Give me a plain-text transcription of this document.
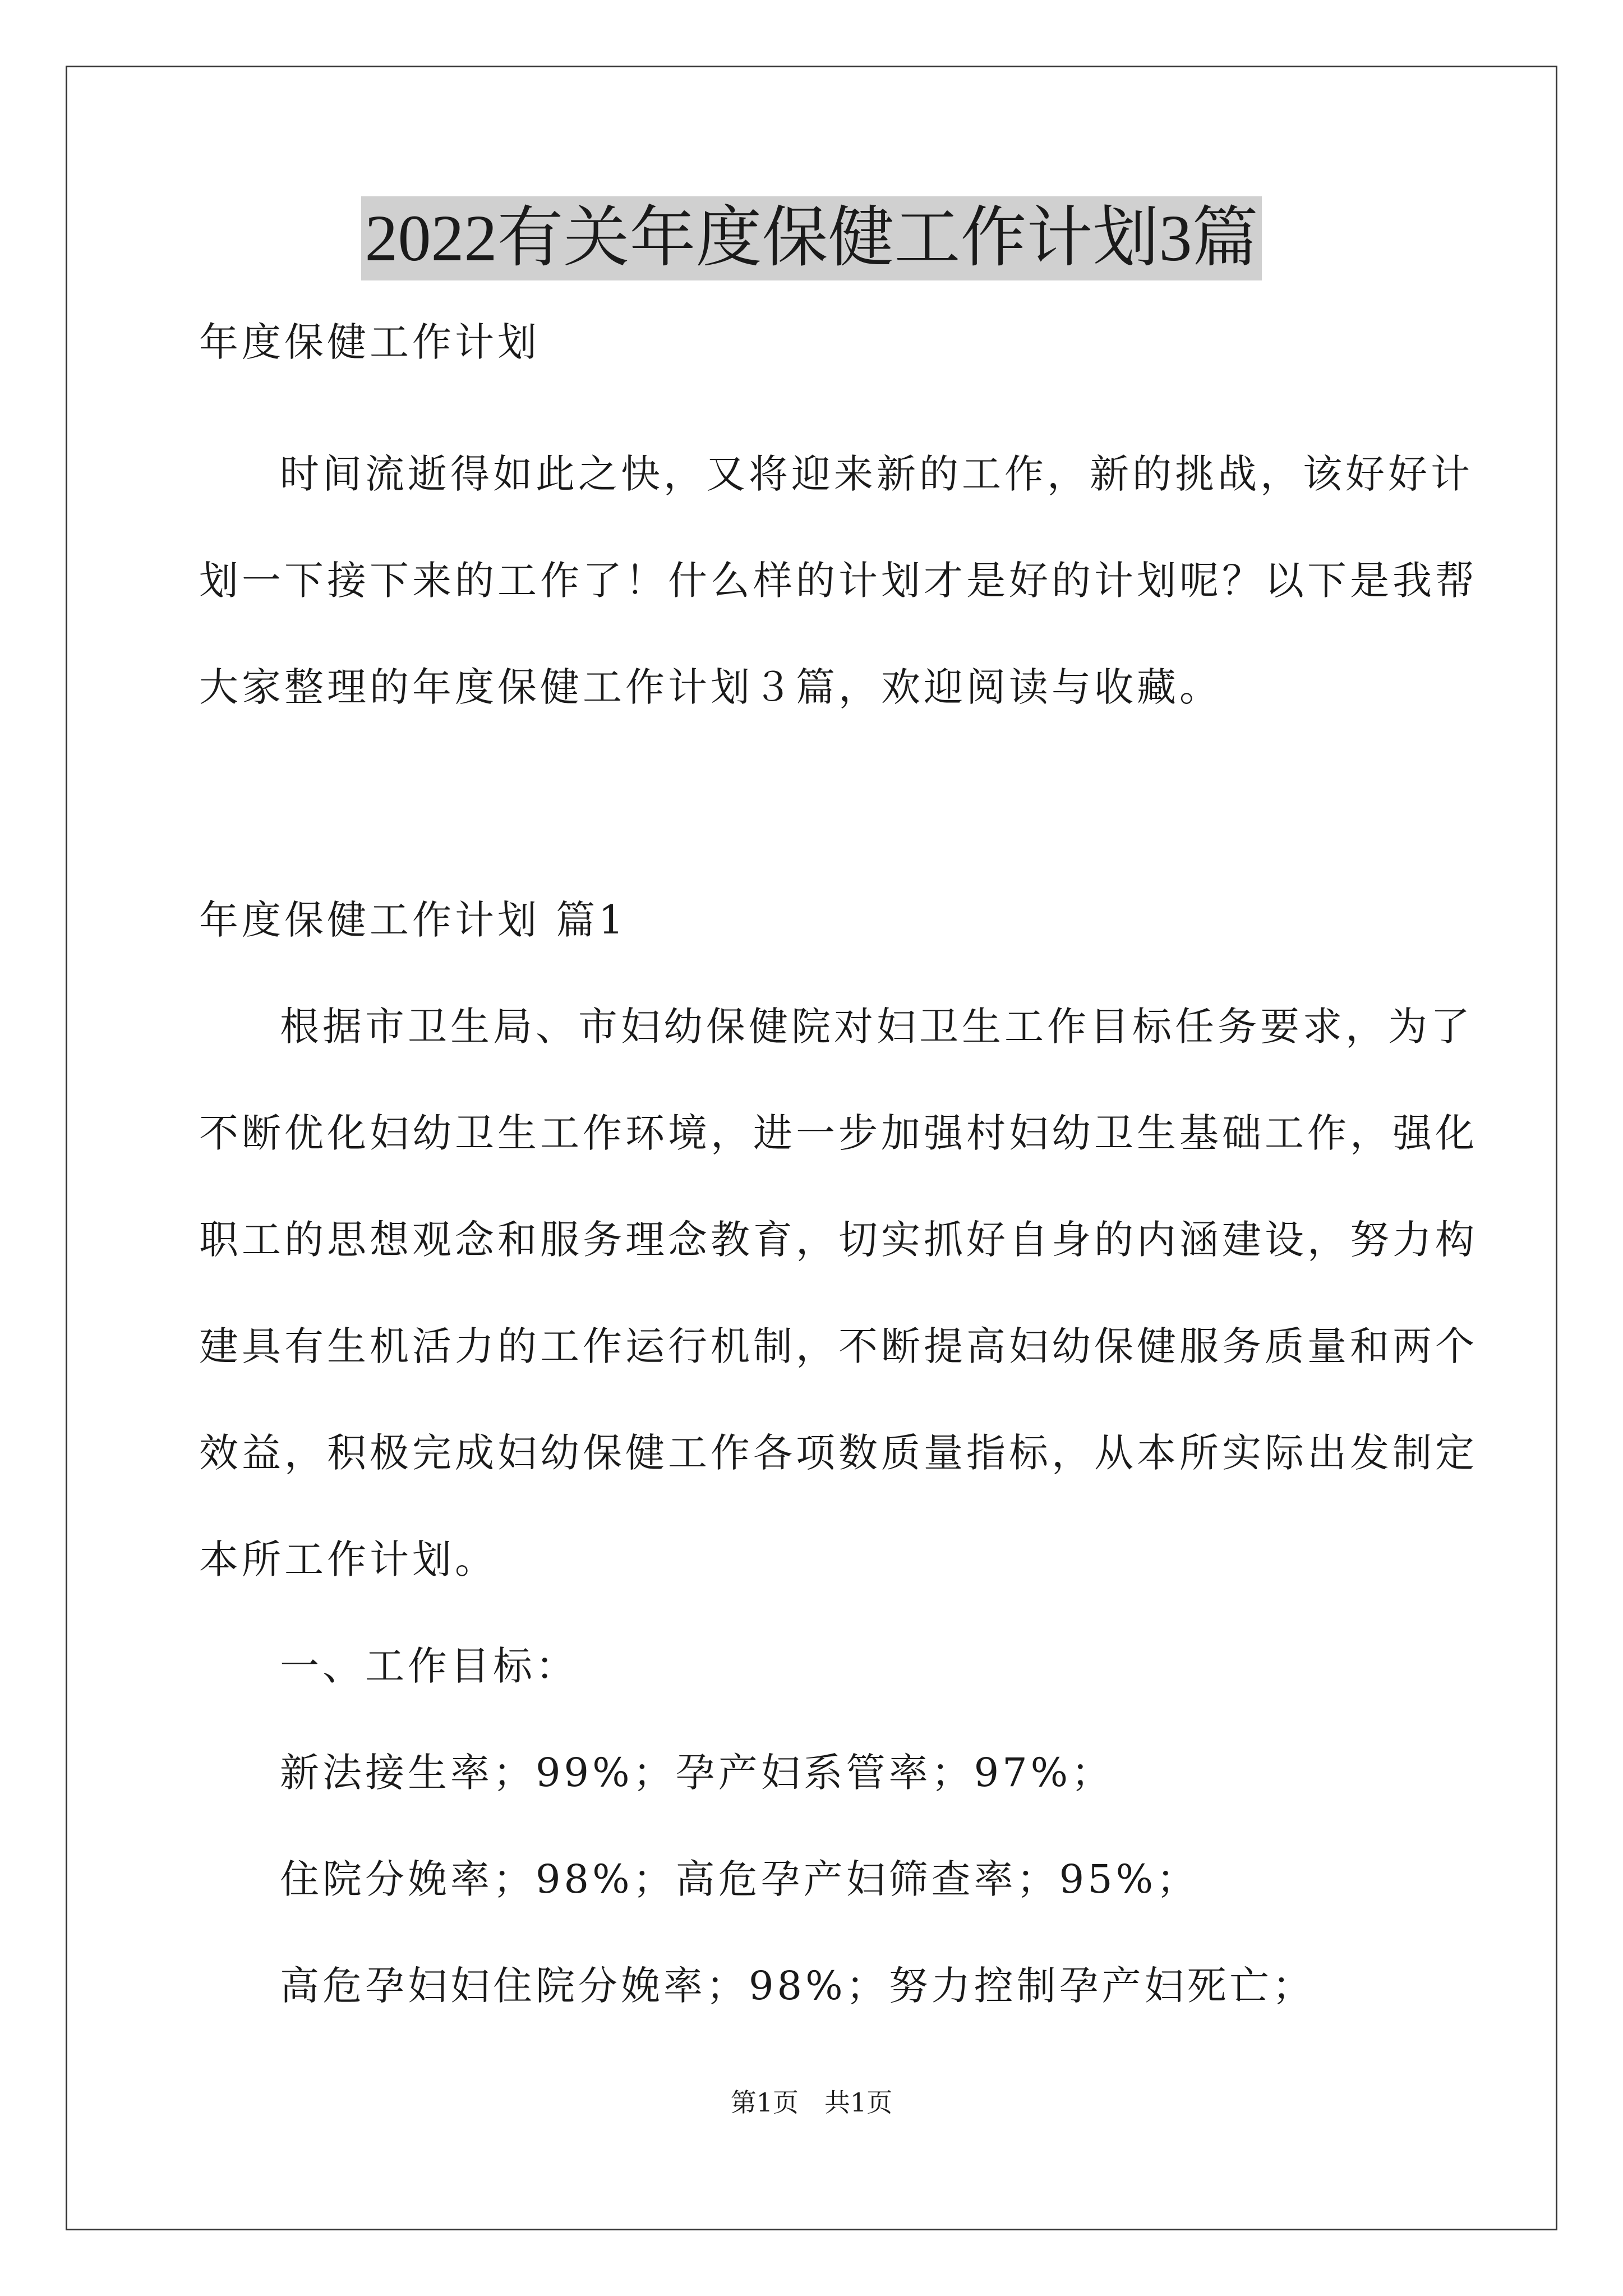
2022有关年度保健工作计划3篇

年度保健工作计划

时间流逝得如此之快，又将迎来新的工作，新的挑战，该好好计

划一下接下来的工作了！什么样的计划才是好的计划呢？以下是我帮

大家整理的年度保健工作计划３篇，欢迎阅读与收藏。

年度保健工作计划 篇1

根据市卫生局、市妇幼保健院对妇卫生工作目标任务要求，为了

不断优化妇幼卫生工作环境，进一步加强村妇幼卫生基础工作，强化

职工的思想观念和服务理念教育，切实抓好自身的内涵建设，努力构

建具有生机活力的工作运行机制，不断提高妇幼保健服务质量和两个

效益，积极完成妇幼保健工作各项数质量指标，从本所实际出发制定

本所工作计划。

一、工作目标：

新法接生率；99%；孕产妇系管率；97%；

住院分娩率；98%；高危孕产妇筛查率；95%；

高危孕妇妇住院分娩率；98%；努力控制孕产妇死亡；

第1页　共1页
